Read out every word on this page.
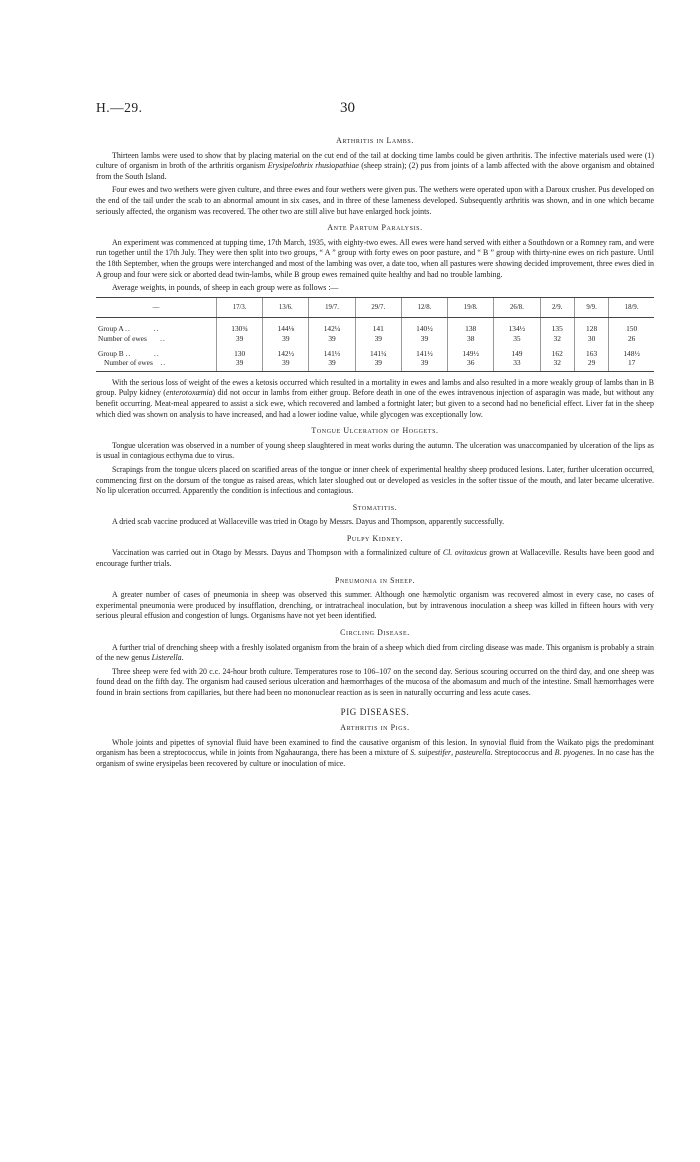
H.—29.	30
Arthritis in Lambs.

Thirteen lambs were used to show that by placing material on the cut end of the tail at docking time lambs could be given arthritis. The infective materials used were (1) culture of organism in broth of the arthritis organism Erysipelothrix rhusiopathiae (sheep strain); (2) pus from joints of a lamb affected with the above organism and obtained from the South Island.

Four ewes and two wethers were given culture, and three ewes and four wethers were given pus. The wethers were operated upon with a Daroux crusher. Pus developed on the end of the tail under the scab to an abnormal amount in six cases, and in three of these lameness developed. Subsequently arthritis was shown, and in one which became seriously affected, the organism was recovered. The other two are still alive but have enlarged hock joints.

Ante Partum Paralysis.

An experiment was commenced at tupping time, 17th March, 1935, with eighty-two ewes. All ewes were hand served with either a Southdown or a Romney ram, and were run together until the 17th July. They were then split into two groups, “ A ” group with forty ewes on poor pasture, and “ B ” group with thirty-nine ewes on rich pasture. Until the 18th September, when the groups were interchanged and most of the lambing was over, a date too, when all pastures were showing decided improvement, three ewes died in A group and four were sick or aborted dead twin-lambs, while B group ewes remained quite healthy and had no trouble lambing.

Average weights, in pounds, of sheep in each group were as follows :—

—	17/3.	13/6.	19/7.	29/7.	12/8.	19/8.	26/8.	2/9.	9/9.	18/9.

Group A ..        ..	130¾	144⅛	142¼	141	140½	138	134½	135	128	150
Number of ewes     ..	39	39	39	39	39	38	35	32	30	26

Group B ..        ..	130	142½	141⅓	141¼	141½	149½	149	162	163	148½
Number of ewes   ..	39	39	39	39	39	36	33	32	29	17

With the serious loss of weight of the ewes a ketosis occurred which resulted in a mortality in ewes and lambs and also resulted in a more weakly group of lambs than in B group. Pulpy kidney (enterotoxæmia) did not occur in lambs from either group. Before death in one of the ewes intravenous injection of asparagin was made, but without any benefit occurring. Meat-meal appeared to assist a sick ewe, which recovered and lambed a fortnight later; but given to a second had no beneficial effect. Liver fat in the sheep which died was shown on analysis to have increased, and had a lower iodine value, while glycogen was exceptionally low.

Tongue Ulceration of Hoggets.

Tongue ulceration was observed in a number of young sheep slaughtered in meat works during the autumn. The ulceration was unaccompanied by ulceration of the lips as is usual in contagious ecthyma due to virus.

Scrapings from the tongue ulcers placed on scarified areas of the tongue or inner cheek of experimental healthy sheep produced lesions. Later, further ulceration occurred, commencing first on the dorsum of the tongue as raised areas, which later sloughed out or developed as vesicles in the softer tissue of the mouth, and later became ulcerative. No lip ulceration occurred. Apparently the condition is infectious and contagious.

Stomatitis.

A dried scab vaccine produced at Wallaceville was tried in Otago by Messrs. Dayus and Thompson, apparently successfully.

Pulpy Kidney.

Vaccination was carried out in Otago by Messrs. Dayus and Thompson with a formalinized culture of Cl. ovitoxicus grown at Wallaceville. Results have been good and encourage further trials.

Pneumonia in Sheep.

A greater number of cases of pneumonia in sheep was observed this summer. Although one hæmolytic organism was recovered almost in every case, no cases of experimental pneumonia were produced by insufflation, drenching, or intratracheal inoculation, but by intravenous inoculation a sheep was killed in fifteen hours with very serious pleural effusion and congestion of lungs. Organisms have not yet been identified.

Circling Disease.

A further trial of drenching sheep with a freshly isolated organism from the brain of a sheep which died from circling disease was made. This organism is probably a strain of the new genus Listerella.

Three sheep were fed with 20 c.c. 24-hour broth culture. Temperatures rose to 106–107 on the second day. Serious scouring occurred on the third day, and one sheep was found dead on the fifth day. The organism had caused serious ulceration and hæmorrhages of the mucosa of the abomasum and much of the intestine. Small hæmorrhages were found in brain sections from capillaries, but there had been no mononuclear reaction as is seen in naturally occurring and less acute cases.

PIG DISEASES.
Arthritis in Pigs.

Whole joints and pipettes of synovial fluid have been examined to find the causative organism of this lesion. In synovial fluid from the Waikato pigs the predominant organism has been a streptococcus, while in joints from Ngahauranga, there has been a mixture of S. suipestifer, pasteurella. Streptococcus and B. pyogenes. In no case has the organism of swine erysipelas been recovered by culture or inoculation of mice.
